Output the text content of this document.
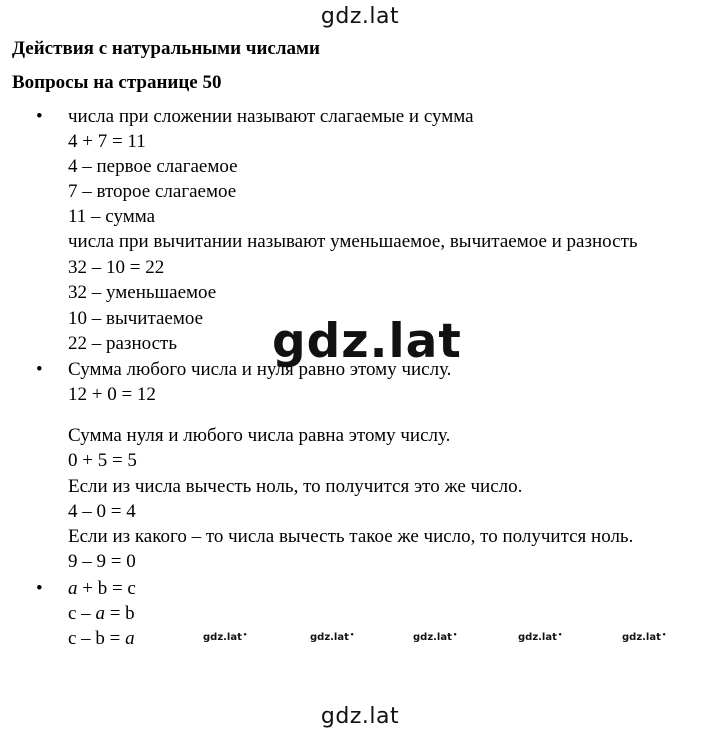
gdz.lat
gdz.lat
gdz.lat
gdz.lat •	gdz.lat •	gdz.lat •	gdz.lat •	gdz.lat •
Действия с натуральными числами
Вопросы на странице 50
• числа при сложении называют слагаемые и сумма
4 + 7 = 11
4 – первое слагаемое
7 – второе слагаемое
11 – сумма
числа при вычитании называют уменьшаемое, вычитаемое и разность
32 – 10 = 22
32 – уменьшаемое
10 – вычитаемое
22 – разность
• Сумма любого числа и нуля равно этому числу.
12 + 0 = 12
Сумма нуля и любого числа равна этому числу.
0 + 5 = 5
Если из числа вычесть ноль, то получится это же число.
4 – 0 = 4
Если из какого – то числа вычесть такое же число, то получится ноль.
9 – 9 = 0
• a + b = c
c – a = b
c – b = a
